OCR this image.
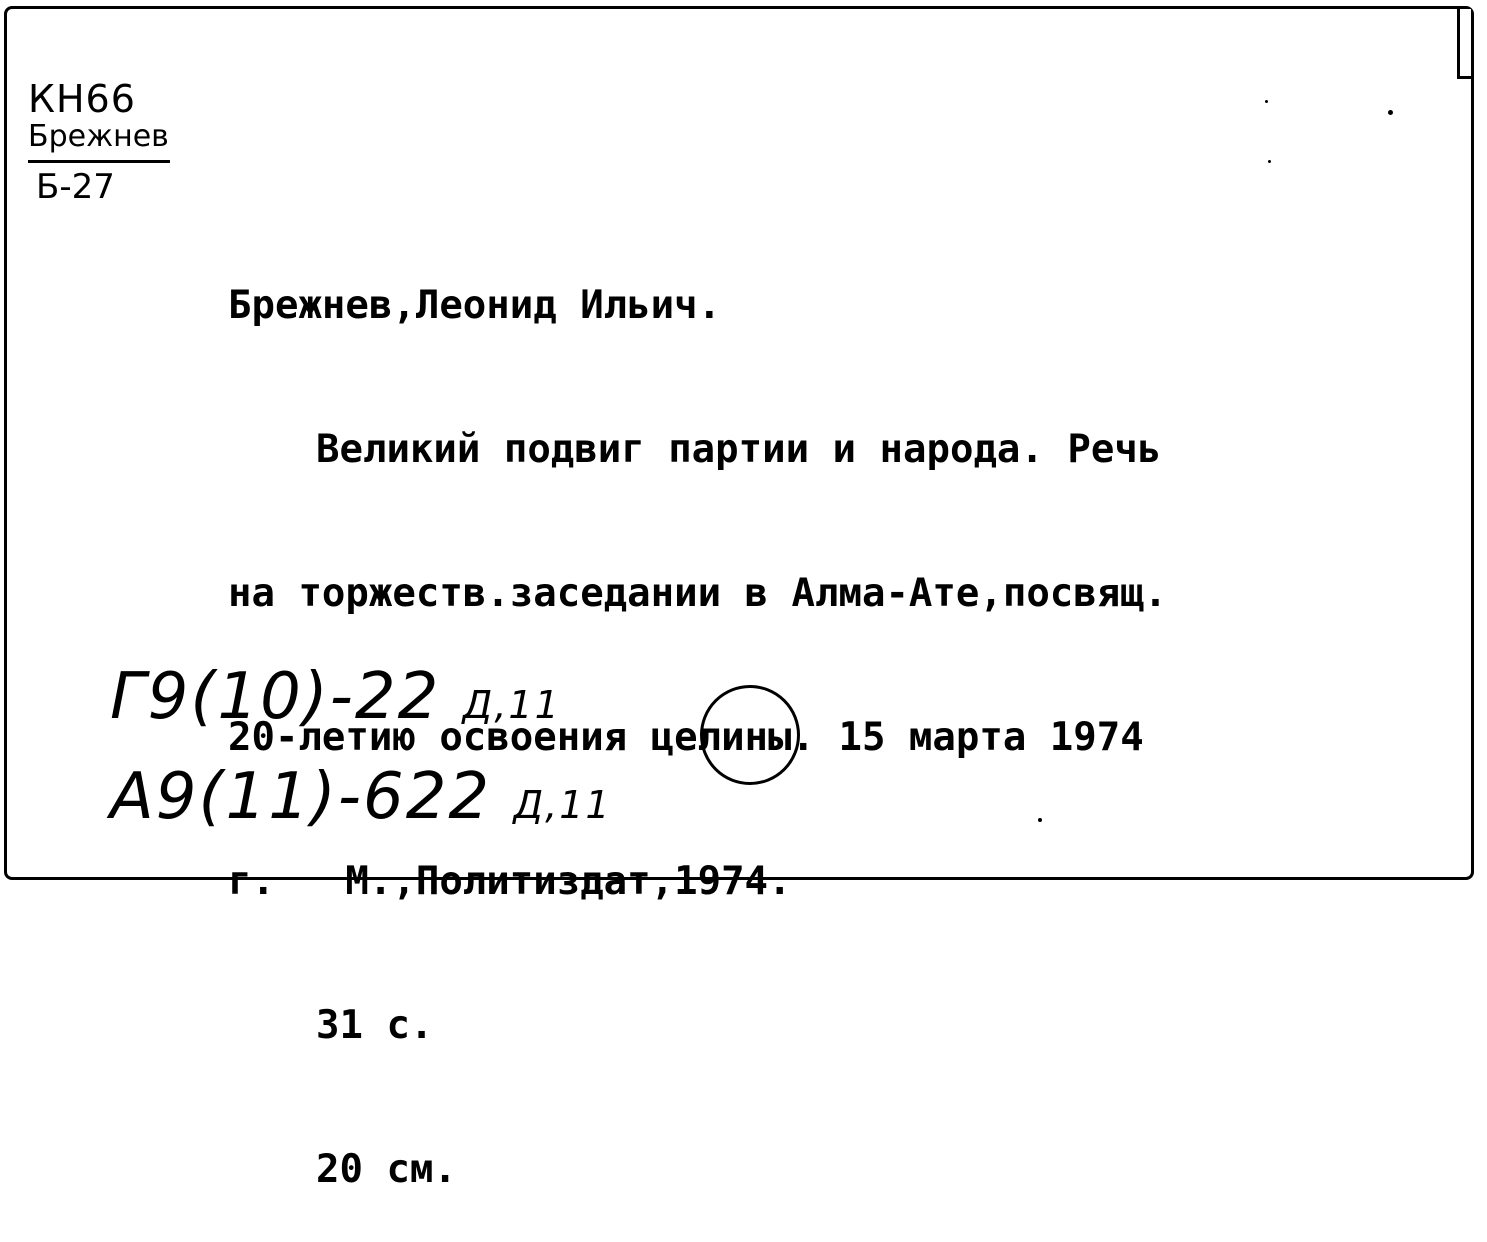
КН66
Брежнев
Б-27

Брежнев,Леонид Ильич.

Великий подвиг партии и народа. Речь

на торжеств.заседании в Алма-Ате,посвящ.

20-летию освоения целины. 15 марта 1974

г.   М.,Политиздат,1974.

31 с.

20 см.

Г9(10)-22 Д,11
А9(11)-622 Д,11
